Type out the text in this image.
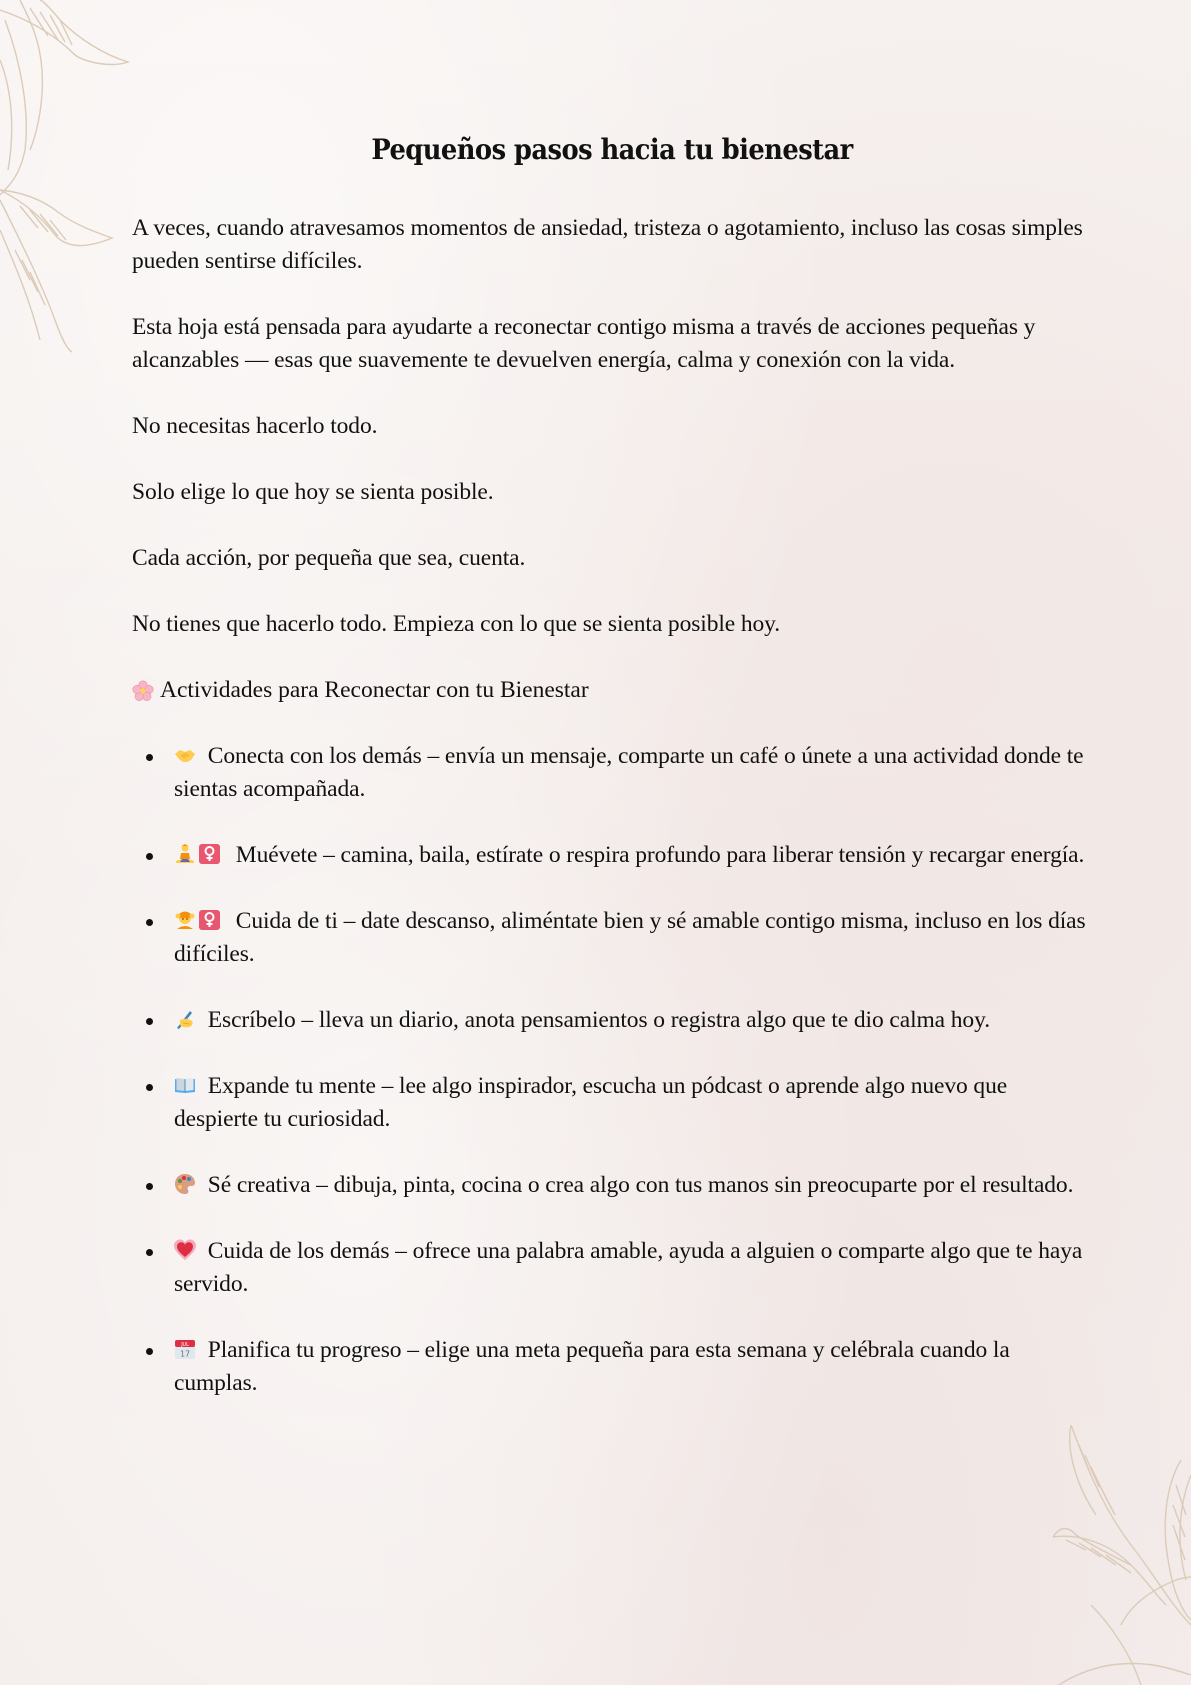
Pequeños pasos hacia tu bienestar

A veces, cuando atravesamos momentos de ansiedad, tristeza o agotamiento, incluso las cosas simples pueden sentirse difíciles.

Esta hoja está pensada para ayudarte a reconectar contigo misma a través de acciones pequeñas y alcanzables — esas que suavemente te devuelven energía, calma y conexión con la vida.

No necesitas hacerlo todo.

Solo elige lo que hoy se sienta posible.

Cada acción, por pequeña que sea, cuenta.

No tienes que hacerlo todo. Empieza con lo que se sienta posible hoy.

Actividades para Reconectar con tu Bienestar
Conecta con los demás – envía un mensaje, comparte un café o únete a una actividad donde te sientas acompañada.
Muévete – camina, baila, estírate o respira profundo para liberar tensión y recargar energía.
Cuida de ti – date descanso, aliméntate bien y sé amable contigo misma, incluso en los días difíciles.
Escríbelo – lleva un diario, anota pensamientos o registra algo que te dio calma hoy.
Expande tu mente – lee algo inspirador, escucha un pódcast o aprende algo nuevo que despierte tu curiosidad.
Sé creativa – dibuja, pinta, cocina o crea algo con tus manos sin preocuparte por el resultado.
Cuida de los demás – ofrece una palabra amable, ayuda a alguien o comparte algo que te haya servido.
JUL
17 Planifica tu progreso – elige una meta pequeña para esta semana y celébrala cuando la cumplas.
